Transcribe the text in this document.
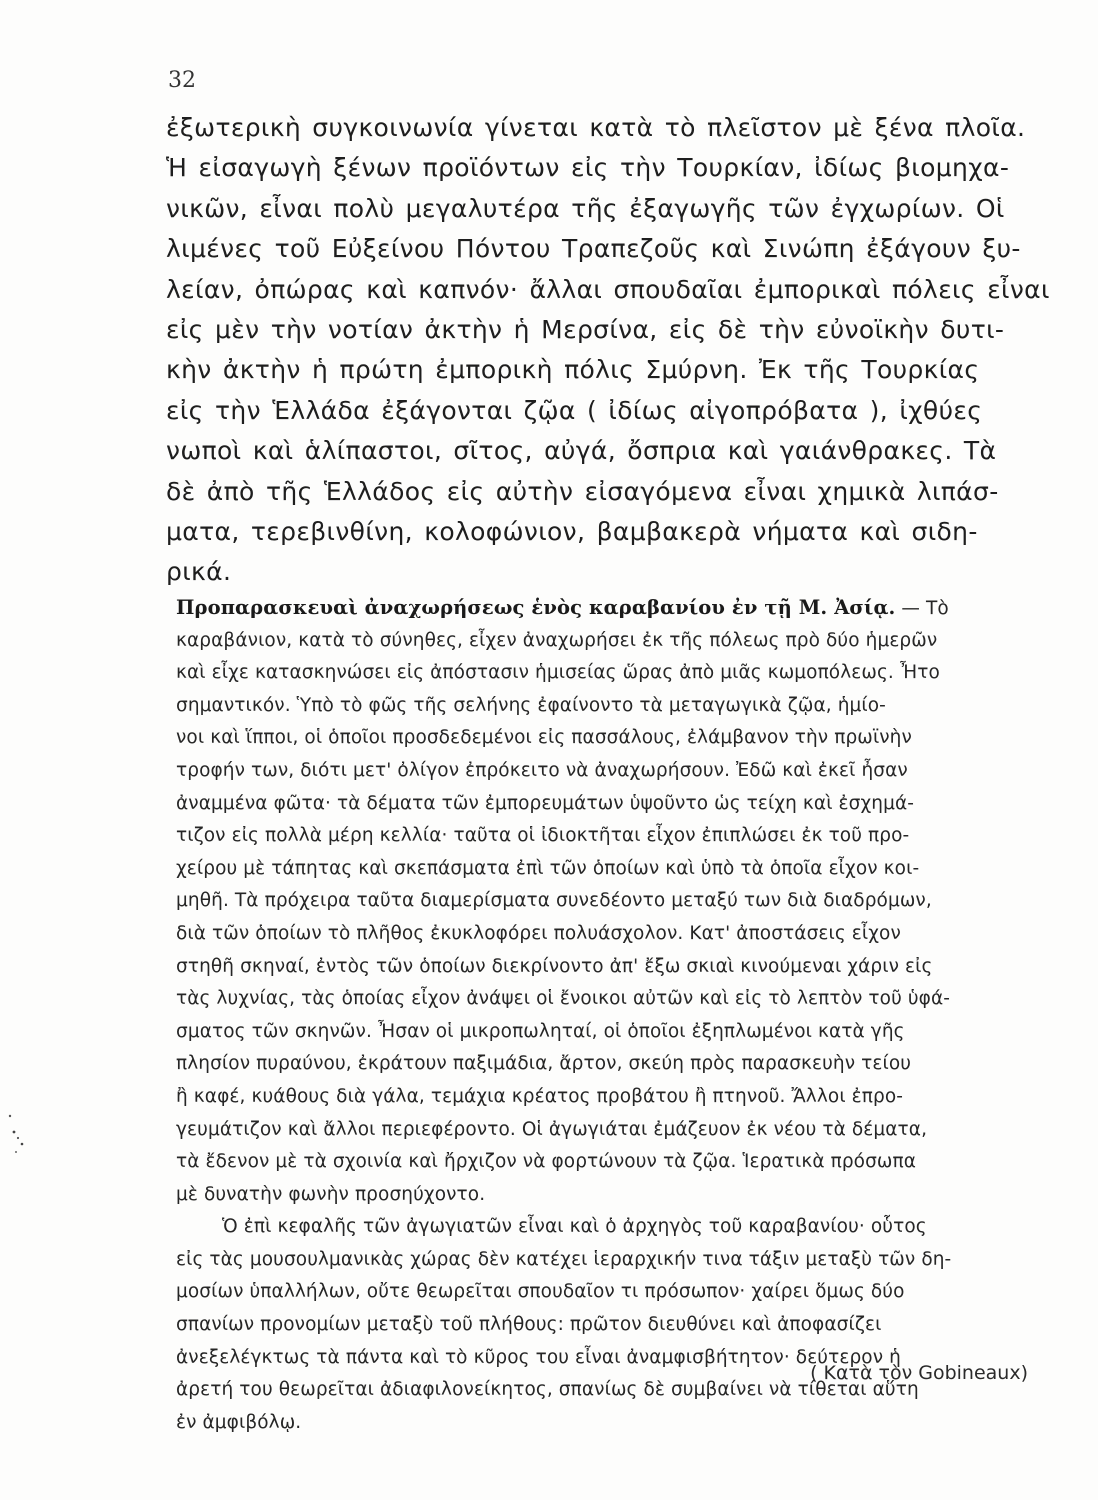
32
ἐξωτερικὴ συγκοινωνία γίνεται κατὰ τὸ πλεῖστον μὲ ξένα πλοῖα.
Ἡ εἰσαγωγὴ ξένων προϊόντων εἰς τὴν Τουρκίαν, ἰδίως βιομηχα-
νικῶν, εἶναι πολὺ μεγαλυτέρα τῆς ἐξαγωγῆς τῶν ἐγχωρίων. Οἱ
λιμένες τοῦ Εὐξείνου Πόντου Τραπεζοῦς καὶ Σινώπη ἐξάγουν ξυ-
λείαν, ὀπώρας καὶ καπνόν· ἄλλαι σπουδαῖαι ἐμπορικαὶ πόλεις εἶναι
εἰς μὲν τὴν νοτίαν ἀκτὴν ἡ Μερσίνα, εἰς δὲ τὴν εὐνοϊκὴν δυτι-
κὴν ἀκτὴν ἡ πρώτη ἐμπορικὴ πόλις Σμύρνη. Ἐκ τῆς Τουρκίας
εἰς τὴν Ἑλλάδα ἐξάγονται ζῷα ( ἰδίως αἰγοπρόβατα ), ἰχθύες
νωποὶ καὶ ἁλίπαστοι, σῖτος, αὐγά, ὄσπρια καὶ γαιάνθρακες. Τὰ
δὲ ἀπὸ τῆς Ἑλλάδος εἰς αὐτὴν εἰσαγόμενα εἶναι χημικὰ λιπάσ-
ματα, τερεβινθίνη, κολοφώνιον, βαμβακερὰ νήματα καὶ σιδη-
ρικά.
Προπαρασκευαὶ ἀναχωρήσεως ἑνὸς καραβανίου ἐν τῇ Μ. Ἀσίᾳ. — Τὸ
καραβάνιον, κατὰ τὸ σύνηθες, εἶχεν ἀναχωρήσει ἐκ τῆς πόλεως πρὸ δύο ἡμερῶν
καὶ εἶχε κατασκηνώσει εἰς ἀπόστασιν ἡμισείας ὥρας ἀπὸ μιᾶς κωμοπόλεως. Ἦτο
σημαντικόν. Ὑπὸ τὸ φῶς τῆς σελήνης ἐφαίνοντο τὰ μεταγωγικὰ ζῷα, ἡμίο-
νοι καὶ ἵπποι, οἱ ὁποῖοι προσδεδεμένοι εἰς πασσάλους, ἐλάμβανον τὴν πρωϊνὴν
τροφήν των, διότι μετ' ὀλίγον ἐπρόκειτο νὰ ἀναχωρήσουν. Ἐδῶ καὶ ἐκεῖ ἦσαν
ἀναμμένα φῶτα· τὰ δέματα τῶν ἐμπορευμάτων ὑψοῦντο ὡς τείχη καὶ ἐσχημά-
τιζον εἰς πολλὰ μέρη κελλία· ταῦτα οἱ ἰδιοκτῆται εἶχον ἐπιπλώσει ἐκ τοῦ προ-
χείρου μὲ τάπητας καὶ σκεπάσματα ἐπὶ τῶν ὁποίων καὶ ὑπὸ τὰ ὁποῖα εἶχον κοι-
μηθῆ. Τὰ πρόχειρα ταῦτα διαμερίσματα συνεδέοντο μεταξύ των διὰ διαδρόμων,
διὰ τῶν ὁποίων τὸ πλῆθος ἐκυκλοφόρει πολυάσχολον. Κατ' ἀποστάσεις εἶχον
στηθῆ σκηναί, ἐντὸς τῶν ὁποίων διεκρίνοντο ἀπ' ἔξω σκιαὶ κινούμεναι χάριν εἰς
τὰς λυχνίας, τὰς ὁποίας εἶχον ἀνάψει οἱ ἔνοικοι αὐτῶν καὶ εἰς τὸ λεπτὸν τοῦ ὑφά-
σματος τῶν σκηνῶν. Ἦσαν οἱ μικροπωληταί, οἱ ὁποῖοι ἐξηπλωμένοι κατὰ γῆς
πλησίον πυραύνου, ἐκράτουν παξιμάδια, ἄρτον, σκεύη πρὸς παρασκευὴν τείου
ἢ καφέ, κυάθους διὰ γάλα, τεμάχια κρέατος προβάτου ἢ πτηνοῦ. Ἄλλοι ἐπρο-
γευμάτιζον καὶ ἄλλοι περιεφέροντο. Οἱ ἀγωγιάται ἐμάζευον ἐκ νέου τὰ δέματα,
τὰ ἔδενον μὲ τὰ σχοινία καὶ ἤρχιζον νὰ φορτώνουν τὰ ζῷα. Ἱερατικὰ πρόσωπα
μὲ δυνατὴν φωνὴν προσηύχοντο.
Ὁ ἐπὶ κεφαλῆς τῶν ἀγωγιατῶν εἶναι καὶ ὁ ἀρχηγὸς τοῦ καραβανίου· οὗτος
εἰς τὰς μουσουλμανικὰς χώρας δὲν κατέχει ἱεραρχικήν τινα τάξιν μεταξὺ τῶν δη-
μοσίων ὑπαλλήλων, οὔτε θεωρεῖται σπουδαῖον τι πρόσωπον· χαίρει ὅμως δύο
σπανίων προνομίων μεταξὺ τοῦ πλήθους: πρῶτον διευθύνει καὶ ἀποφασίζει
ἀνεξελέγκτως τὰ πάντα καὶ τὸ κῦρος του εἶναι ἀναμφισβήτητον· δεύτερον ἡ
ἀρετή του θεωρεῖται ἀδιαφιλονείκητος, σπανίως δὲ συμβαίνει νὰ τίθεται αὕτη
ἐν ἀμφιβόλῳ.
( Κατὰ τὸν Gobineaux)
